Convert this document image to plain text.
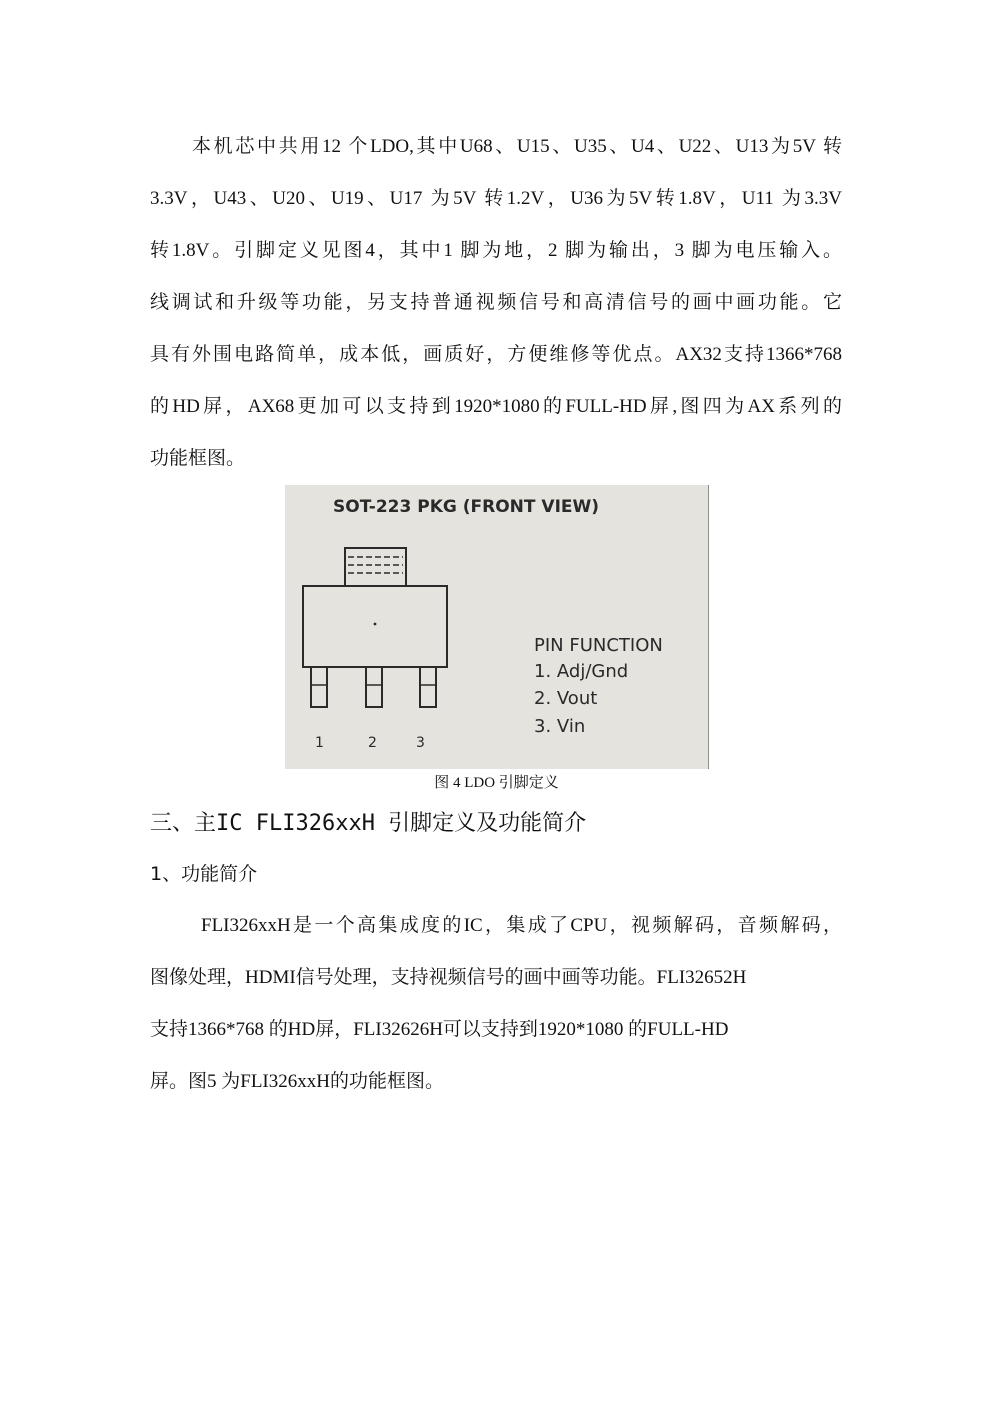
本机芯中共用12 个LDO,其中U68、U15、U35、U4、U22、U13为5V 转
3.3V，U43、U20、U19、U17 为5V 转1.2V，U36为5V转1.8V，U11 为3.3V
转1.8V。引脚定义见图4，其中1 脚为地，2 脚为输出，3 脚为电压输入。
线调试和升级等功能，另支持普通视频信号和高清信号的画中画功能。它
具有外围电路简单，成本低，画质好，方便维修等优点。AX32支持1366*768
的HD屏，AX68更加可以支持到1920*1080的FULL-HD屏,图四为AX系列的
功能框图。
SOT-223 PKG (FRONT VIEW)
1	2	3
PIN FUNCTION
1. Adj/Gnd
2. Vout
3. Vin
图 4 LDO 引脚定义
三、主IC FLI326xxH 引脚定义及功能简介
1、功能简介
FLI326xxH是一个高集成度的IC，集成了CPU，视频解码，音频解码，
图像处理，HDMI信号处理，支持视频信号的画中画等功能。FLI32652H
支持1366*768 的HD屏，FLI32626H可以支持到1920*1080 的FULL-HD
屏。图5 为FLI326xxH的功能框图。
